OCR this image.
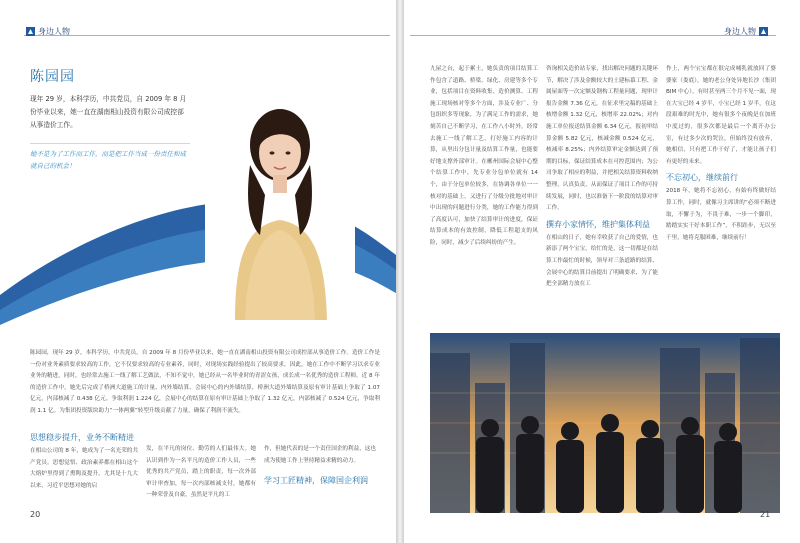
身边人物
陈园园
现年 29 岁，本科学历，中共党员，自 2009 年 8 月份毕业以来，她一直在湖南相山投资有限公司成控部从事造价工作。
她不是为了工作而工作，而是把工作当成一份责任和成就自己的机会！
陈园园，现年 29 岁，本科学历，中共党员，自 2009 年 8 月份毕业以来，她一直在湖南相山投资有限公司成控部从事造价工作。造价工作是一份对业务素质要求较高的工作，它不仅要求较高的专业素养，同时，对现场实践经验提出了较高要求，因此，她在工作中不断学习以求专业业务的精进，同时，也经常去施工一线了解工艺做法，不知不觉中，她已经从一名毕业时的青涩女孩，成长成一名优秀的造价工程师。近 8 年的造价工作中，她先后完成了桥洲大道施工的计量、内外墙结算、会展中心的内外墙结算，桥洲大道外墙结算及原有审计基础上争取了 1.07 亿元，内部核减了 0.438 亿元。争取利润 1.224 亿，会展中心的结算在原有审计基础上争取了 1.32 亿元，内部核减了 0.524 亿元，争取利润 1.1 亿。为集团投资版块助力“一体两翼”转型升级贡献了力量，确保了利润不流失。
思想稳步提升，业务不断精进

在相山公司的 8 年，她成为了一名光荣的共产党员。思想觉悟、政治素养都在相山这个大熔炉里得到了熏陶及提升。尤其是十九大以来，习近平思想对她的启

发，在平凡的岗位、勤劳的人们最伟大。她认识到作为一名平凡的造价工作人员，一些优秀的共产党员，踏上的职责，每一次外部审计审查加，每一次内部核减支付，她都有一种荣誉及自豪，虽然是平凡的工

作，但她代表的是一个责任国企的利益，这也成为使她工作上坚持精益求精的动力。

学习工匠精神，保障国企利润
20
身边人物

九屋之台，起于累土，她负责的项目结算工作包含了道路、桥梁、绿化、房建等多个专业，包括项目在资料收集、造价测算、工程施工现场核对等多个方面，涉及专业广、分包组织多等现象，为了满足工作的需求，她刻苦自己不断学习，在工作八小时外，经常去施工一线了解工艺，打好施工内容的计算，从里出分包计量及结算工作量，也能要好地支撑外部审计。在郴州国际会展中心整个结算工作中，先专业分包单位就有 14 个，由于分包单位较多，在协调各单位一一核对的基础上，又进行了分级分批地对审计中出现的问题进行分类，她的工作能力得到了高度认可，加快了结算审计的进度，保证结算成本的有效控制，降低工程超支的风险，同时，减少了后续纠纷的产生。

咨询相关造价站专家，找出解决问题的关键环节，解决了涉及金额较大的土建标幕工程、金属屋面等一次定额及钢构工程量问题，现审计报告金额 7.36 亿元，在征求里完稿的基础上核增金额 1.32 亿元，核增率 22.02%；对内施工单位报送结算金额 6.34 亿元，报初审结算金额 5.82 亿元，核减金额 0.524 亿元，核减率 8.25%；内外结算审定金额达到了预期的目标，保证结算成本在可控范围内；为公司争取了相应的利益，并把相关结算资料收纳整理，认真负责，从而保证了项目工作的可持续发展，同时，也以准备下一阶段的结算对审工作。

撰弃小家情怀，维护集体利益

在相山的日子，她有幸收获了自己的爱情，也新添了两个宝宝，给忙的是，这一切都是在结算工作最忙的时候，领导对三条道路的结算、会展中心的结算目前提出了明确要求，为了能把全部精力放在工

作上，两个宝宝都在很完成哺乳就放回了婆婆家（娄底），她的老公身处异地长沙（集团 BIM 中心），有时甚至两三个月不见一面，现在大宝已经 4 岁半，小宝已经 1 岁半，在这段艰难的时光中，她有很多个夜晚是在加班中度过的，很多次都是最后一个离开办公室，有过多少次的哭泣，但始终没有放弃，她相信，只有把工作干好了，才能让孩子们有更好的未来。

不忘初心，继续前行

2018 年，她将不忘初心，有始有终做好结算工作，同时，就像习主席讲的“必须不断进取，不懈于为，不畏于难，一步一个脚印，踏踏实实干好本职工作”，不积跬步，无以至千里，她将克服困难，继续前行！

21
